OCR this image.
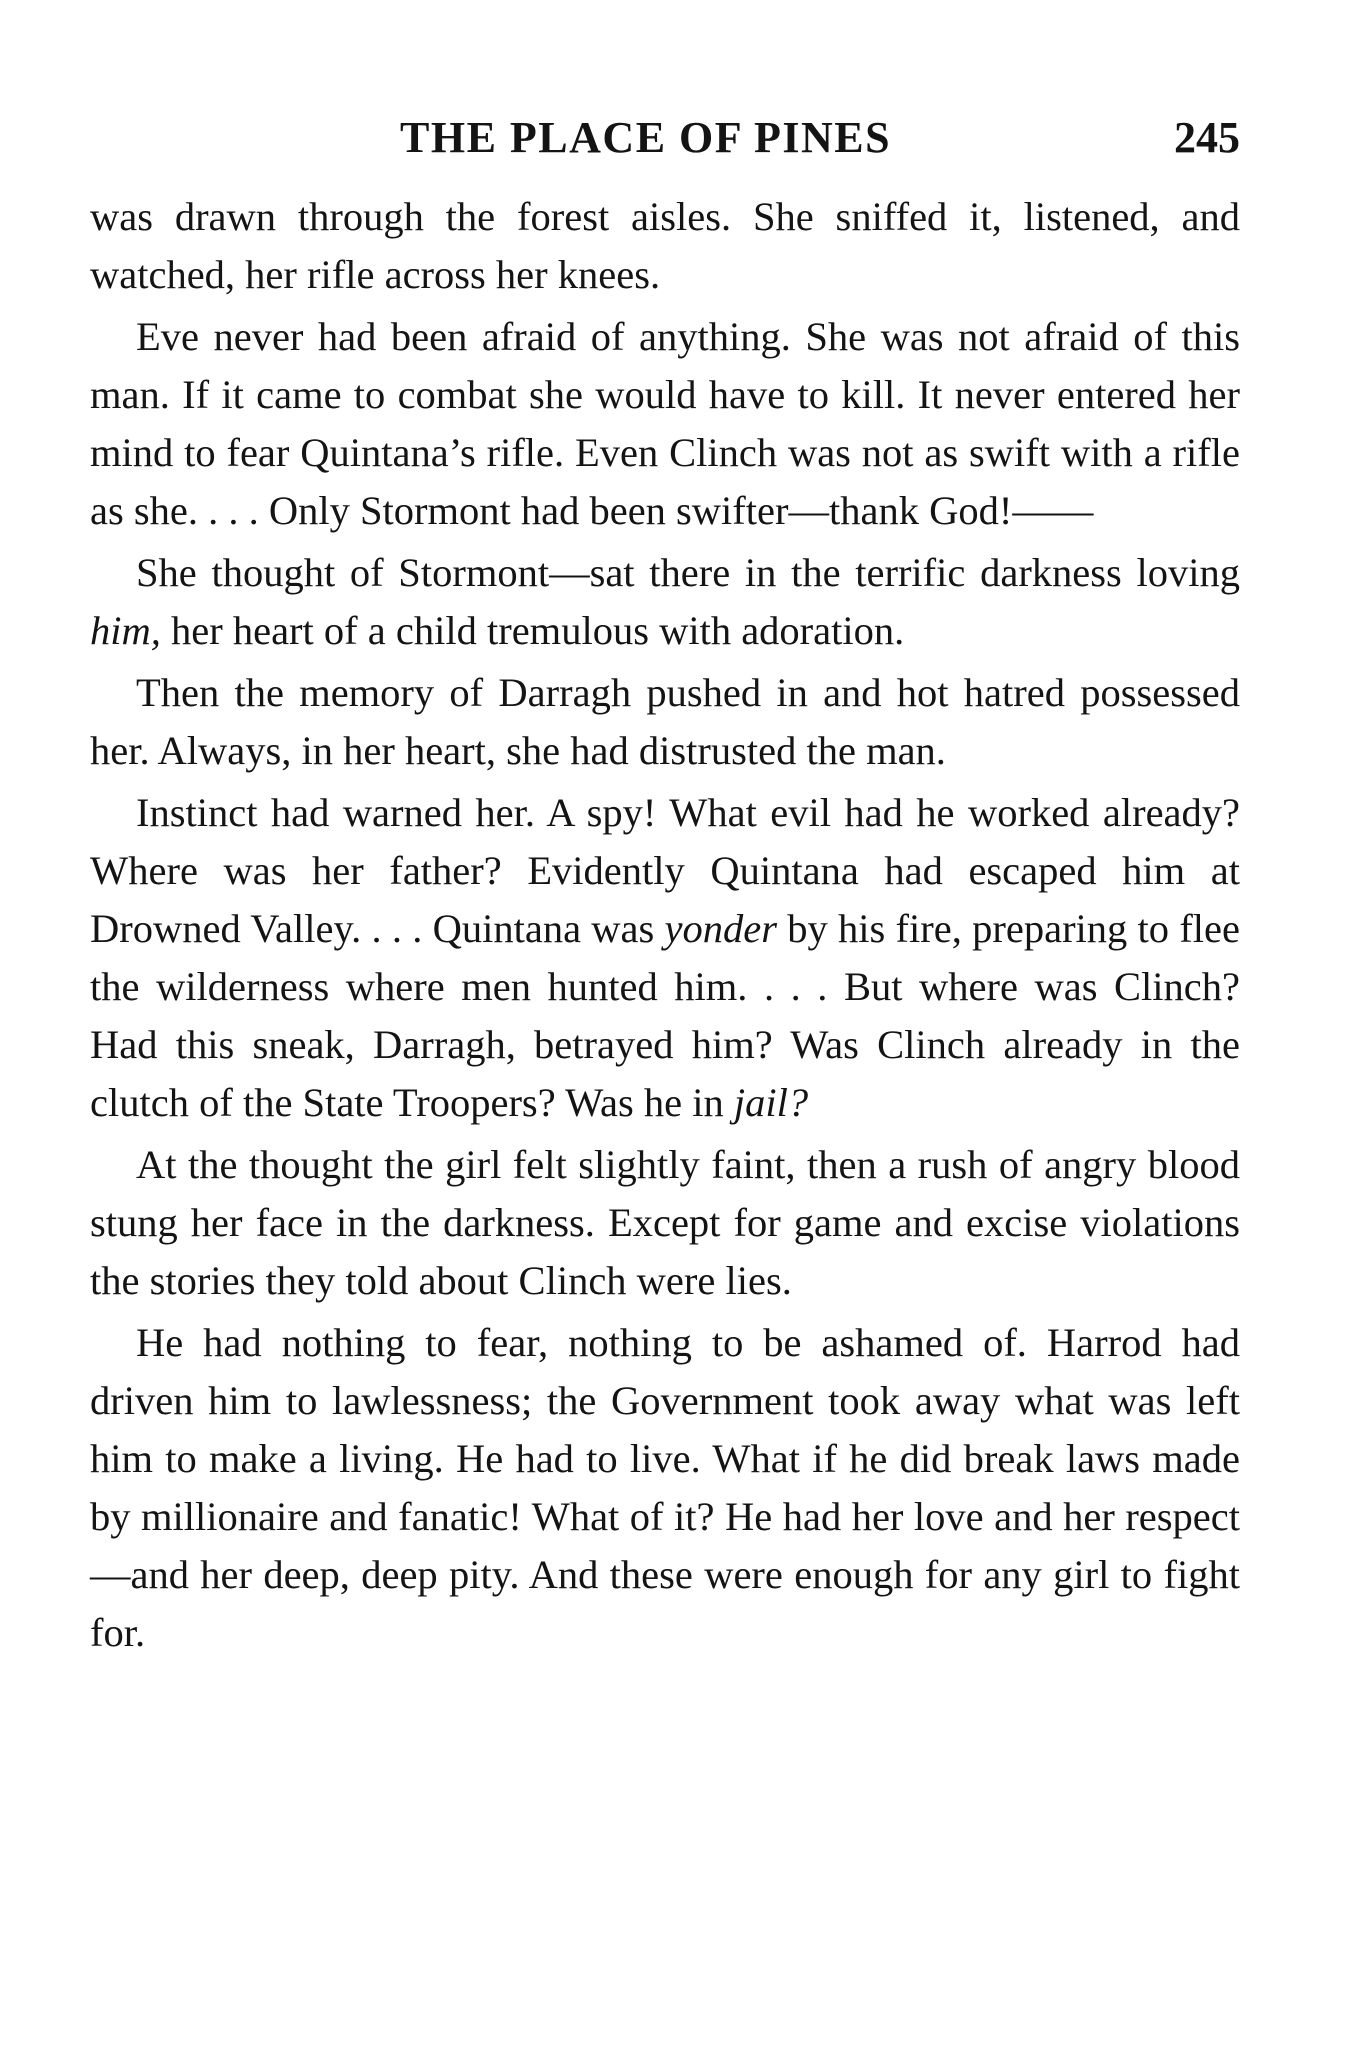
THE PLACE OF PINES	245

was drawn through the forest aisles. She sniffed it, listened, and watched, her rifle across her knees.

Eve never had been afraid of anything. She was not afraid of this man. If it came to combat she would have to kill. It never entered her mind to fear Quintana’s rifle. Even Clinch was not as swift with a rifle as she. . . . Only Stormont had been swifter—thank God!——

She thought of Stormont—sat there in the terrific darkness loving him, her heart of a child tremulous with adoration.

Then the memory of Darragh pushed in and hot hatred possessed her. Always, in her heart, she had distrusted the man.

Instinct had warned her. A spy! What evil had he worked already? Where was her father? Evidently Quintana had escaped him at Drowned Valley. . . . Quintana was yonder by his fire, preparing to flee the wilderness where men hunted him. . . . But where was Clinch? Had this sneak, Darragh, betrayed him? Was Clinch already in the clutch of the State Troopers? Was he in jail?

At the thought the girl felt slightly faint, then a rush of angry blood stung her face in the darkness. Except for game and excise violations the stories they told about Clinch were lies.

He had nothing to fear, nothing to be ashamed of. Harrod had driven him to lawlessness; the Government took away what was left him to make a living. He had to live. What if he did break laws made by millionaire and fanatic! What of it? He had her love and her respect—and her deep, deep pity. And these were enough for any girl to fight for.
